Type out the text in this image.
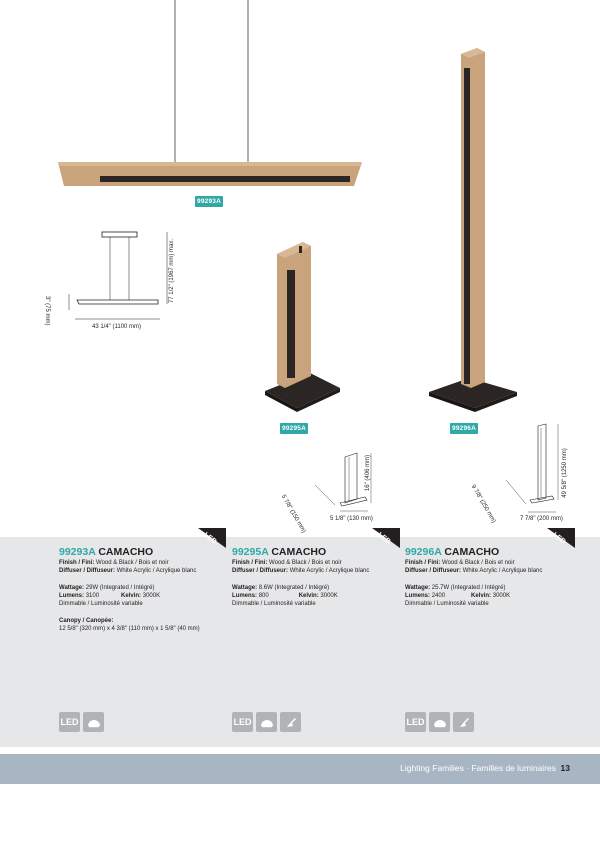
99293A
43 1/4" (1100 mm)
77 1/2" (1967 mm) max.
3" (75 mm)
99295A	99296A
16" (406 mm)
5 1/8" (130 mm)
5 7/8" (150 mm)
49 5/8" (1250 mm)
7 7/8" (200 mm)
9 7/8" (250 mm)
LED	LED	LED
99293A CAMACHO
Finish / Fini: Wood & Black / Bois et noir
Diffuser / Diffuseur: White Acrylic / Acrylique blanc
Wattage: 29W (Integrated / Intégré)
Lumens: 3100	Kelvin: 3000K
Dimmable / Luminosité variable
Canopy / Canopée:
12 5/8" (320 mm) x 4 3/8" (110 mm) x 1 5/8" (40 mm)
99295A CAMACHO
Finish / Fini: Wood & Black / Bois et noir
Diffuser / Diffuseur: White Acrylic / Acrylique blanc
Wattage: 8.6W (Integrated / Intégré)
Lumens: 800	Kelvin: 3000K
Dimmable / Luminosité variable
99296A CAMACHO
Finish / Fini: Wood & Black / Bois et noir
Diffuser / Diffuseur: White Acrylic / Acrylique blanc
Wattage: 25.7W (Integrated / Intégré)
Lumens: 2400	Kelvin: 3000K
Dimmable / Luminosité variable
LED	LED	LED
Lighting Families · Familles de luminaires 13
